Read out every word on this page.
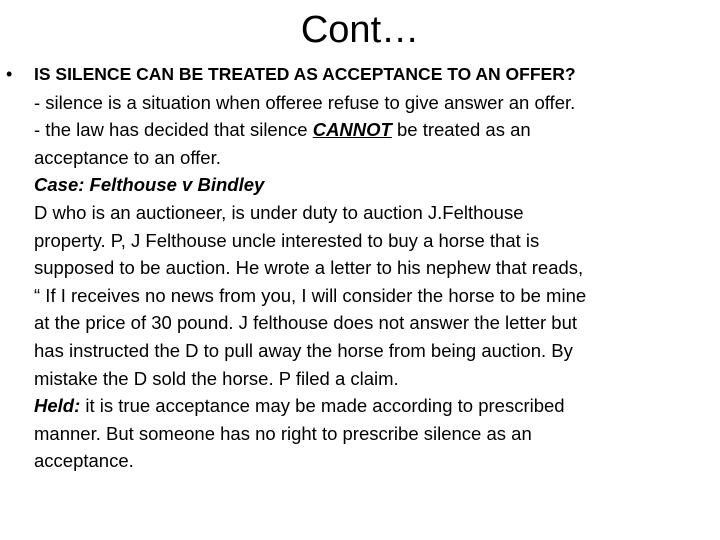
Cont…
• IS SILENCE CAN BE TREATED AS ACCEPTANCE TO AN OFFER?
- silence is a situation when offeree refuse to give answer an offer.
- the law has decided that silence CANNOT be treated as an
acceptance to an offer.
Case: Felthouse v Bindley
D who is an auctioneer, is under duty to auction J.Felthouse
property. P, J Felthouse uncle interested to buy a horse that is
supposed to be auction. He wrote a letter to his nephew that reads,
“ If I receives no news from you, I will consider the horse to be mine
at the price of 30 pound. J felthouse does not answer the letter but
has instructed the D to pull away the horse from being auction. By
mistake the D sold the horse. P filed a claim.
Held: it is true acceptance may be made according to prescribed
manner. But someone has no right to prescribe silence as an
acceptance.
